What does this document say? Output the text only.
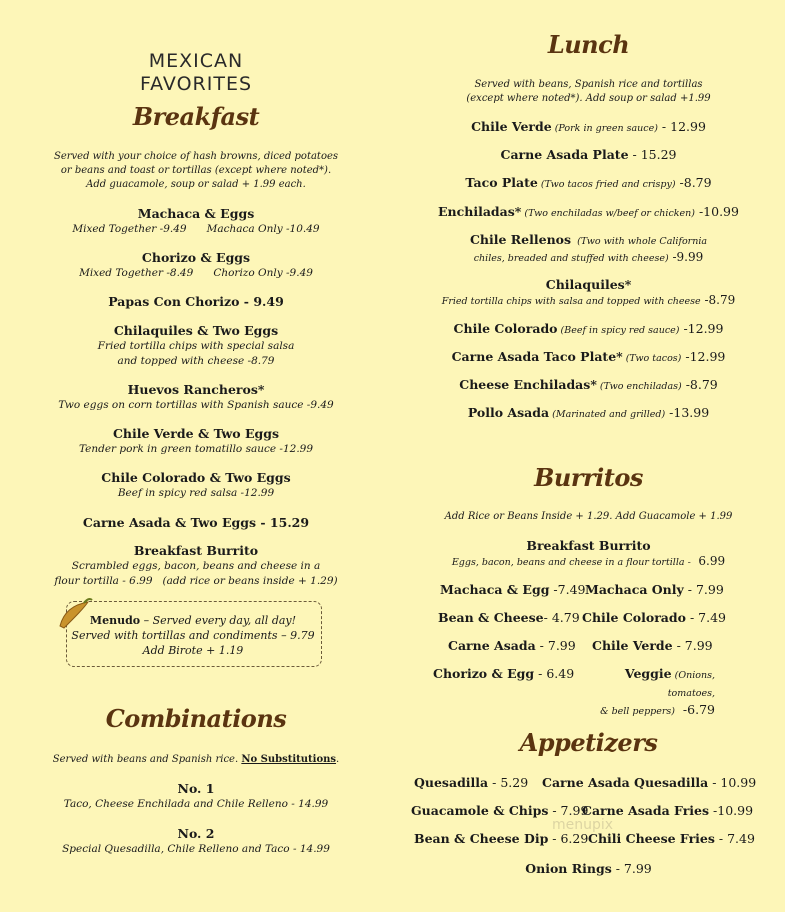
MEXICAN
FAVORITES
Breakfast
Served with your choice of hash browns, diced potatoes
or beans and toast or tortillas (except where noted*).
Add guacamole, soup or salad + 1.99 each.
Machaca & Eggs
Mixed Together -9.49      Machaca Only -10.49
Chorizo & Eggs
Mixed Together -8.49      Chorizo Only -9.49
Papas Con Chorizo - 9.49
Chilaquiles & Two Eggs
Fried tortilla chips with special salsa
and topped with cheese -8.79
Huevos Rancheros*
Two eggs on corn tortillas with Spanish sauce -9.49
Chile Verde & Two Eggs
Tender pork in green tomatillo sauce -12.99
Chile Colorado & Two Eggs
Beef in spicy red salsa -12.99
Carne Asada & Two Eggs - 15.29
Breakfast Burrito
Scrambled eggs, bacon, beans and cheese in a
flour tortilla - 6.99   (add rice or beans inside + 1.29)
Menudo – Served every day, all day!
Served with tortillas and condiments – 9.79
Add Birote + 1.19
Combinations
Served with beans and Spanish rice. No Substitutions.
No. 1
Taco, Cheese Enchilada and Chile Relleno - 14.99
No. 2
Special Quesadilla, Chile Relleno and Taco - 14.99
Lunch
Served with beans, Spanish rice and tortillas
(except where noted*). Add soup or salad +1.99
Chile Verde (Pork in green sauce) - 12.99
Carne Asada Plate - 15.29
Taco Plate (Two tacos fried and crispy) -8.79
Enchiladas* (Two enchiladas w/beef or chicken) -10.99
Chile Rellenos  (Two with whole California
chiles, breaded and stuffed with cheese) -9.99
Chilaquiles*
Fried tortilla chips with salsa and topped with cheese -8.79
Chile Colorado (Beef in spicy red sauce) -12.99
Carne Asada Taco Plate* (Two tacos) -12.99
Cheese Enchiladas* (Two enchiladas) -8.79
Pollo Asada (Marinated and grilled) -13.99
Burritos
Add Rice or Beans Inside + 1.29. Add Guacamole + 1.99
Breakfast Burrito
Eggs, bacon, beans and cheese in a flour tortilla -  6.99
Machaca & Egg -7.49 Machaca Only - 7.99
Bean & Cheese- 4.79 Chile Colorado - 7.49
Carne Asada - 7.99 Chile Verde - 7.99
Chorizo & Egg - 6.49	Veggie (Onions, tomatoes,
& bell peppers)  -6.79
Appetizers
Quesadilla - 5.29 Carne Asada Quesadilla - 10.99
Guacamole & Chips - 7.99
Carne Asada Fries -10.99
Bean & Cheese Dip - 6.29 Chili Cheese Fries - 7.49
Onion Rings - 7.99
menupix
